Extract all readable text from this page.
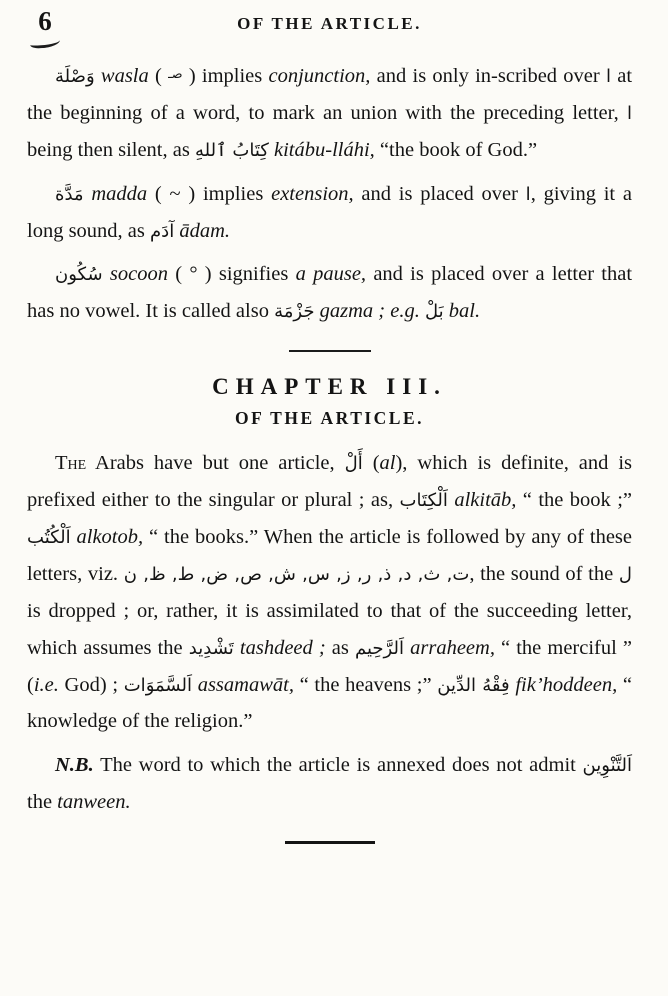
6	OF THE ARTICLE.

وَصْلَة wasla ( صـ ) implies conjunction, and is only in-scribed over ا at the beginning of a word, to mark an union with the preceding letter, ا being then silent, as كِتَابُ ٱللهِ kitábu-lláhi, “the book of God.”

مَدَّة madda ( ~ ) implies extension, and is placed over ا, giving it a long sound, as آدَم ādam.

سُكُون socoon ( ° ) signifies a pause, and is placed over a letter that has no vowel. It is called also جَزْمَة gazma ; e.g. بَلْ bal.

CHAPTER III.
OF THE ARTICLE.

The Arabs have but one article, أَلْ (al), which is definite, and is prefixed either to the singular or plural ; as, اَلْكِتَاب alkitāb, “ the book ;” اَلْكُتُب alkotob, “ the books.” When the article is followed by any of these letters, viz. ت, ث, د, ذ, ر, ز, س, ش, ص, ض, ط, ظ, ن, the sound of the ل is dropped ; or, rather, it is assimilated to that of the succeeding letter, which assumes the تَشْدِيد tashdeed ; as اَلرَّحِيم arraheem, “ the merciful ” (i.e. God) ; اَلسَّمَوَات assamawāt, “ the heavens ;” فِقْهُ الدِّين fik’hoddeen, “ knowledge of the religion.”

N.B. The word to which the article is annexed does not admit اَلتَّنْوِين the tanween.
